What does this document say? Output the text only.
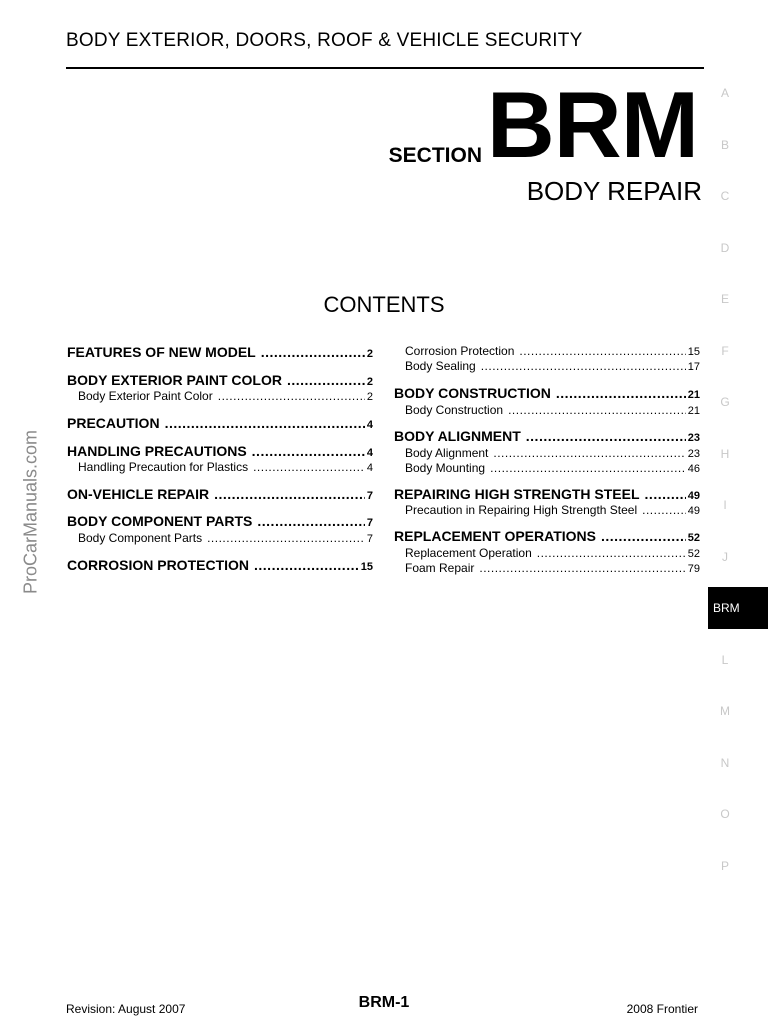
BODY EXTERIOR, DOORS, ROOF & VEHICLE SECURITY
SECTION BRM
BODY REPAIR
CONTENTS
FEATURES OF NEW MODEL .....	2
BODY EXTERIOR PAINT COLOR .....	2
Body Exterior Paint Color .....	2
PRECAUTION .....	4
HANDLING PRECAUTIONS .....	4
Handling Precaution for Plastics .....	4
ON-VEHICLE REPAIR .....	7
BODY COMPONENT PARTS .....	7
Body Component Parts .....	7
CORROSION PROTECTION .....	15
Corrosion Protection .....	15
Body Sealing .....	17
BODY CONSTRUCTION .....	21
Body Construction .....	21
BODY ALIGNMENT .....	23
Body Alignment .....	23
Body Mounting .....	46
REPAIRING HIGH STRENGTH STEEL .....	49
Precaution in Repairing High Strength Steel .....	49
REPLACEMENT OPERATIONS .....	52
Replacement Operation .....	52
Foam Repair .....	79
A
B
C
D
E
F
G
H
I
J
BRM
L
M
N
O
P
ProCarManuals.com
Revision: August 2007	BRM-1	2008 Frontier
